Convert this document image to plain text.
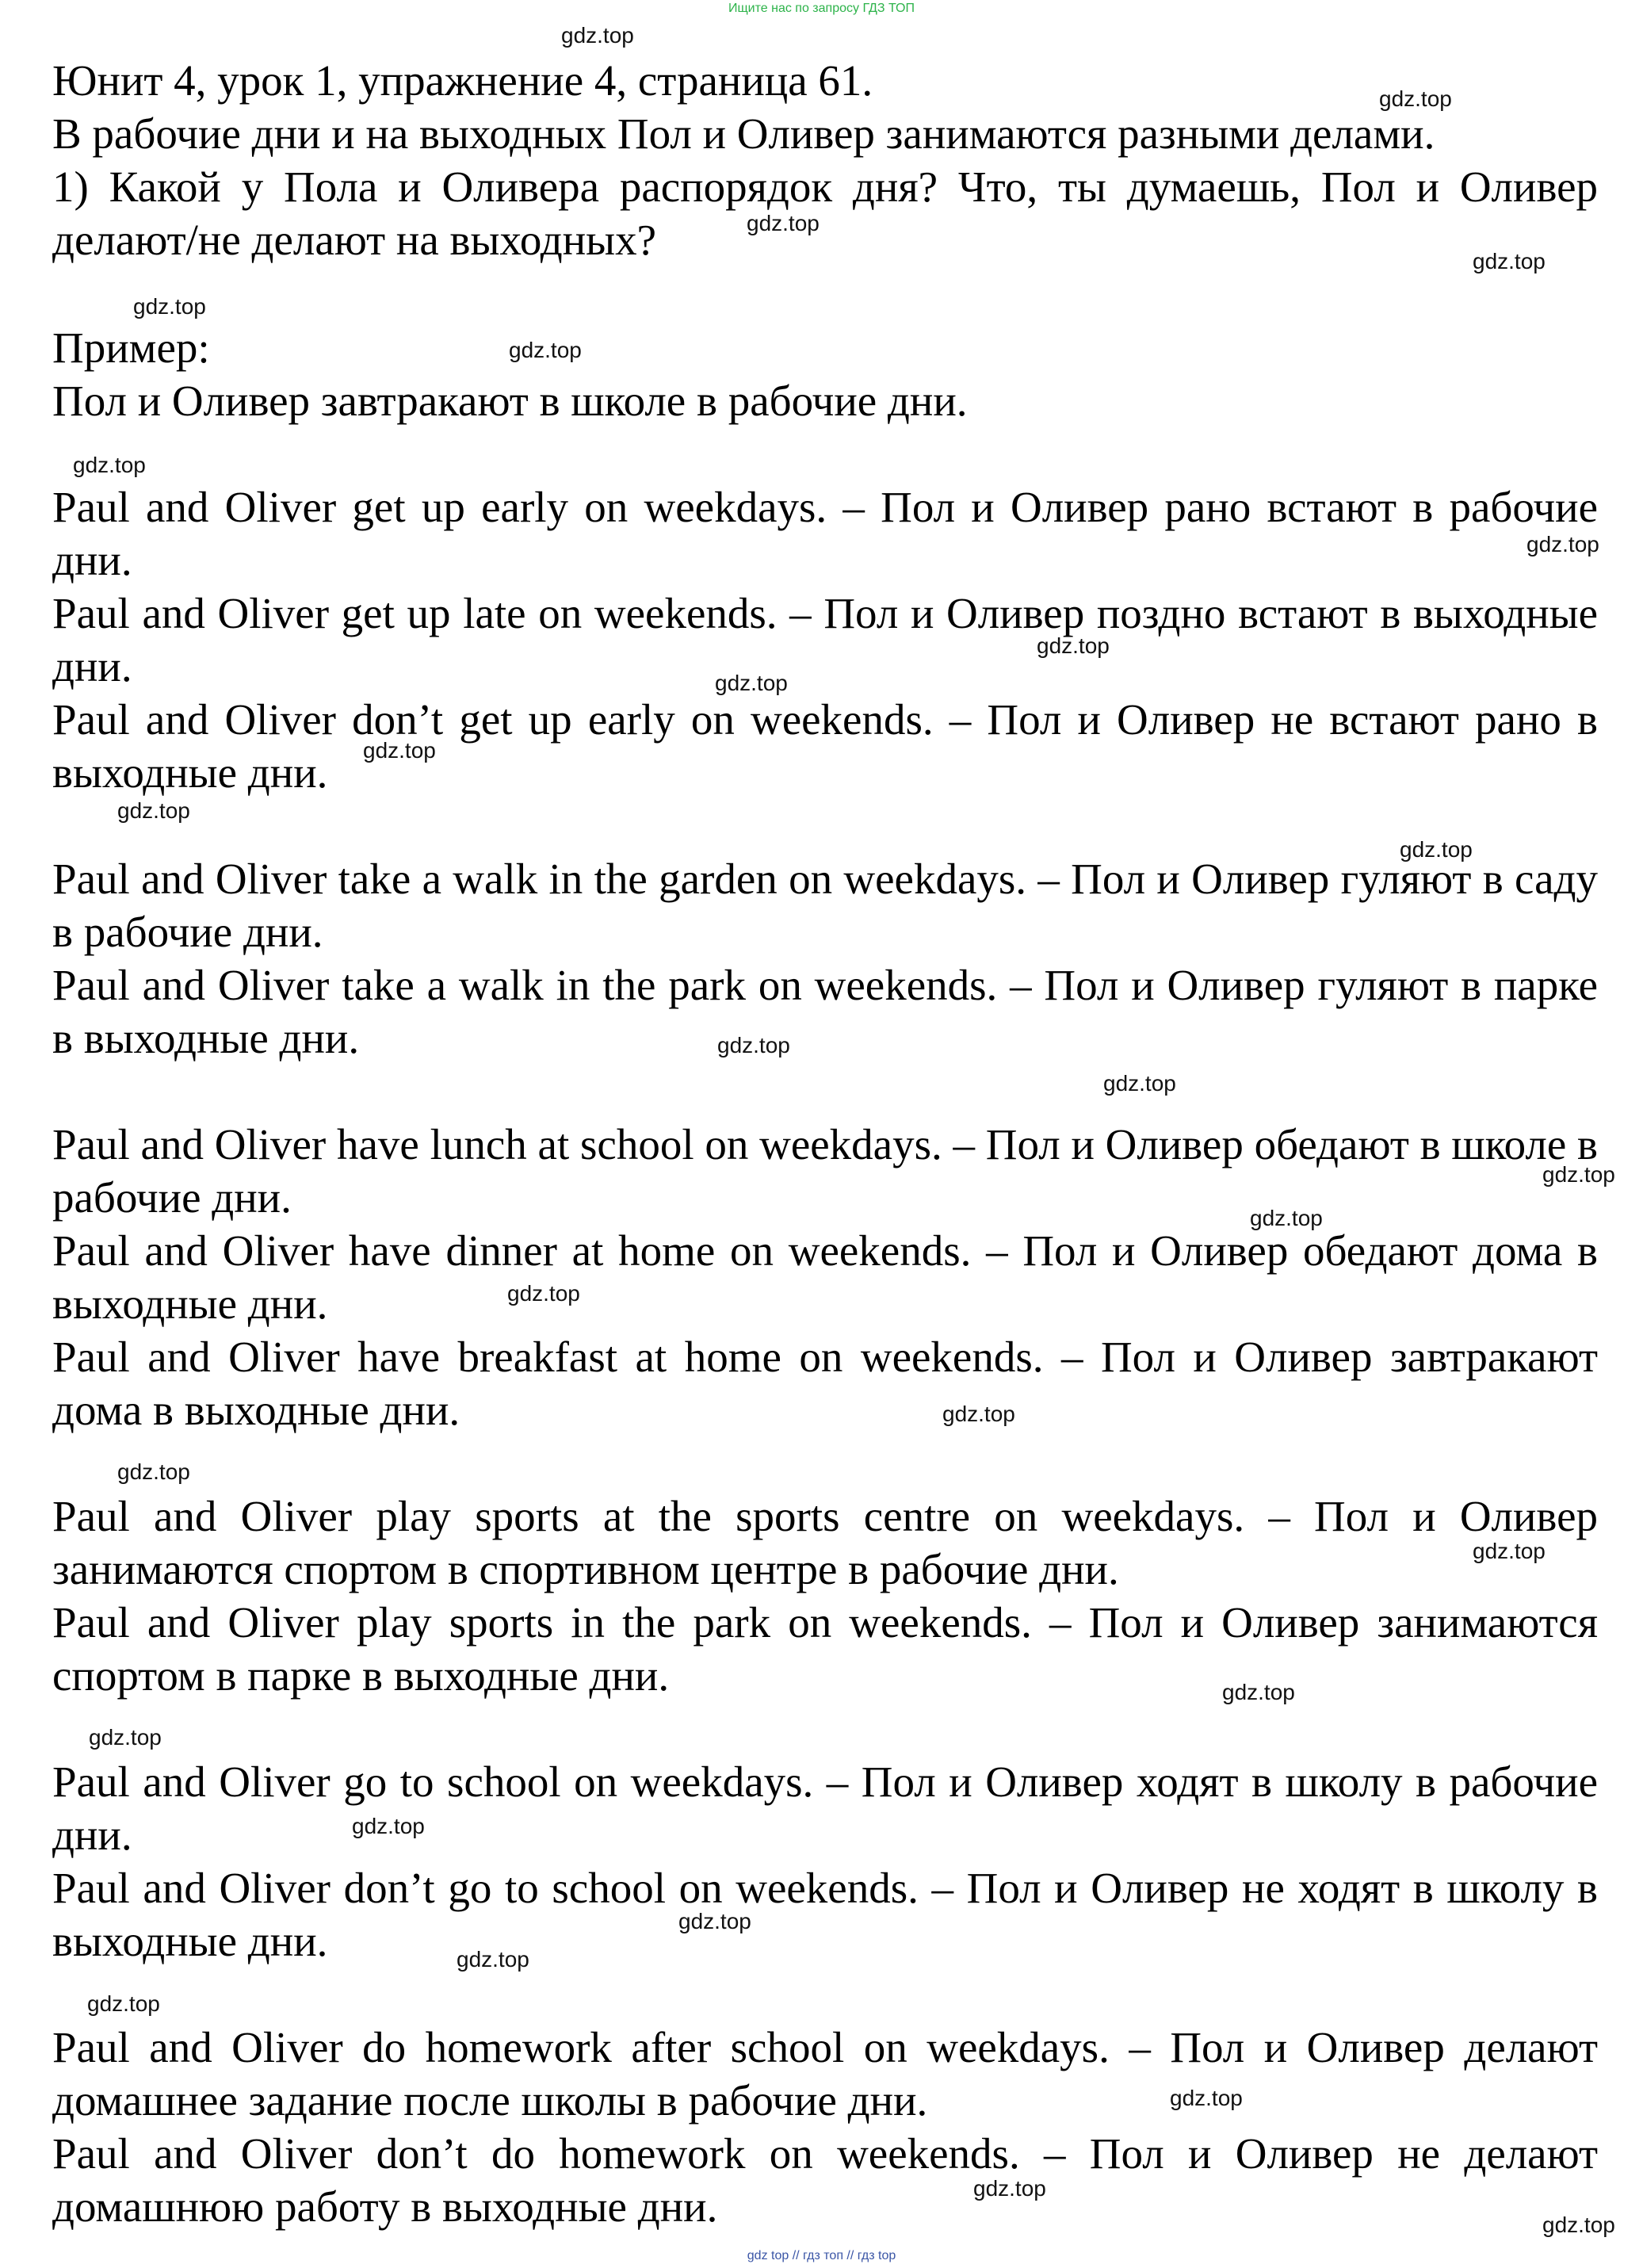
Ищите нас по запросу ГДЗ ТОП

Юнит 4, урок 1, упражнение 4, страница 61.

В рабочие дни и на выходных Пол и Оливер занимаются разными делами.

1) Какой у Пола и Оливера распорядок дня? Что, ты думаешь, Пол и Оливер делают/не делают на выходных?

Пример:

Пол и Оливер завтракают в школе в рабочие дни.

Paul and Oliver get up early on weekdays. – Пол и Оливер рано встают в рабочие дни.

Paul and Oliver get up late on weekends. – Пол и Оливер поздно встают в выходные дни.

Paul and Oliver don’t get up early on weekends. – Пол и Оливер не встают рано в выходные дни.

Paul and Oliver take a walk in the garden on weekdays. – Пол и Оливер гуляют в саду в рабочие дни.

Paul and Oliver take a walk in the park on weekends. – Пол и Оливер гуляют в парке в выходные дни.

Paul and Oliver have lunch at school on weekdays. – Пол и Оливер обедают в школе в рабочие дни.

Paul and Oliver have dinner at home on weekends. – Пол и Оливер обедают дома в выходные дни.

Paul and Oliver have breakfast at home on weekends. – Пол и Оливер завтракают дома в выходные дни.

Paul and Oliver play sports at the sports centre on weekdays. – Пол и Оливер занимаются спортом в спортивном центре в рабочие дни.

Paul and Oliver play sports in the park on weekends. – Пол и Оливер занимаются спортом в парке в выходные дни.

Paul and Oliver go to school on weekdays. – Пол и Оливер ходят в школу в рабочие дни.

Paul and Oliver don’t go to school on weekends. – Пол и Оливер не ходят в школу в выходные дни.

Paul and Oliver do homework after school on weekdays. – Пол и Оливер делают домашнее задание после школы в рабочие дни.

Paul and Oliver don’t do homework on weekends. – Пол и Оливер не делают домашнюю работу в выходные дни.

gdz.top
gdz.top
gdz.top
gdz.top
gdz.top
gdz.top
gdz.top
gdz.top
gdz.top
gdz.top
gdz.top
gdz.top
gdz.top
gdz.top
gdz.top
gdz.top
gdz.top
gdz.top
gdz.top
gdz.top
gdz.top
gdz.top
gdz.top
gdz.top
gdz.top
gdz.top
gdz.top
gdz.top
gdz.top
gdz.top
gdz top // гдз топ // гдз top
